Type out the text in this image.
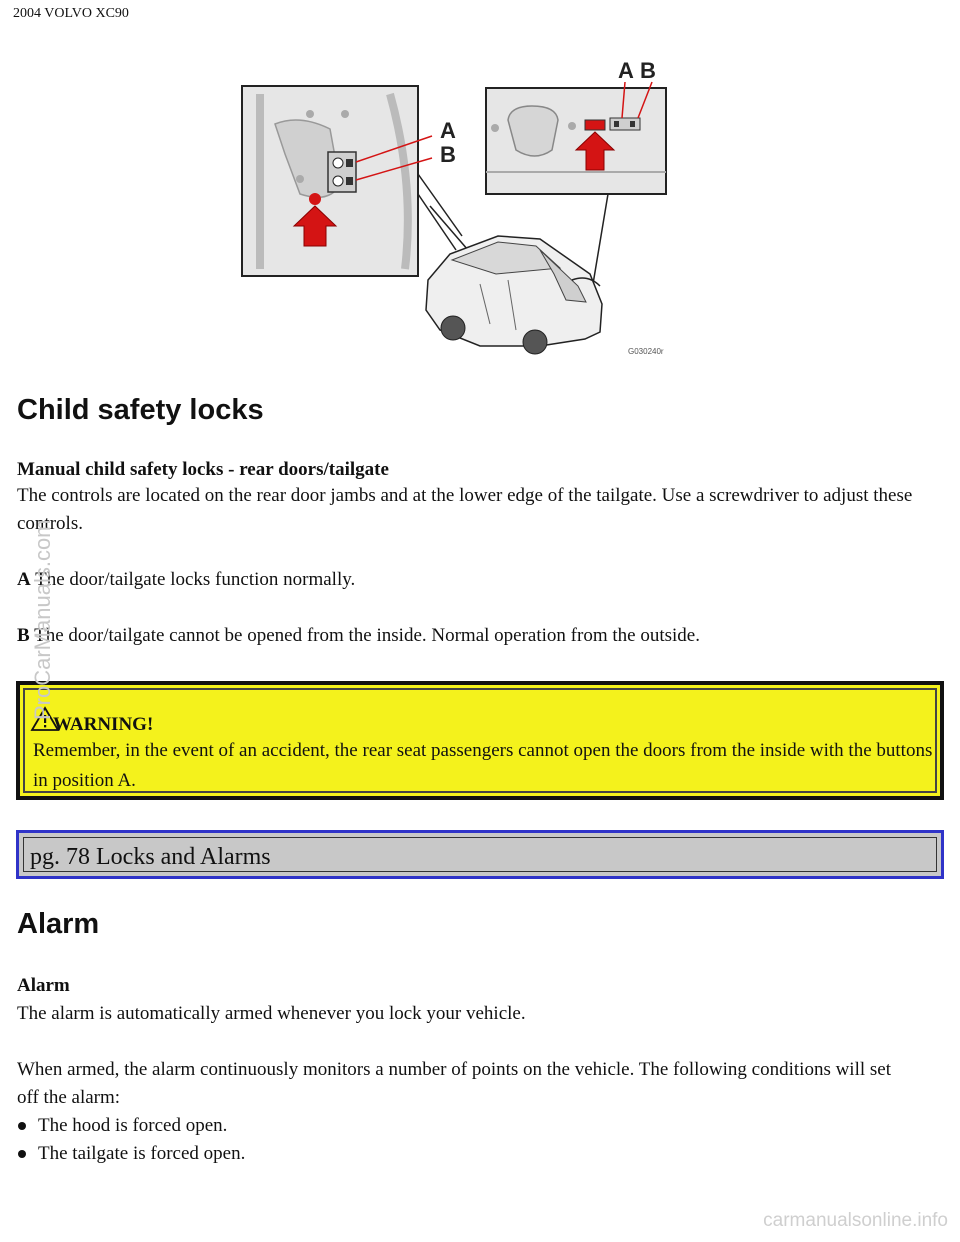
2004 VOLVO XC90
A
B
A B
G030240r
Child safety locks
Manual child safety locks - rear doors/tailgate
The controls are located on the rear door jambs and at the lower edge of the tailgate. Use a screwdriver to adjust these controls.
A The door/tailgate locks function normally.
B The door/tailgate cannot be opened from the inside. Normal operation from the outside.
WARNING!
Remember, in the event of an accident, the rear seat passengers cannot open the doors from the inside with the buttons in position A.
pg. 78 Locks and Alarms
Alarm
Alarm
The alarm is automatically armed whenever you lock your vehicle.
When armed, the alarm continuously monitors a number of points on the vehicle. The following conditions will set off the alarm:
The hood is forced open.
The tailgate is forced open.
ProCarManuals.com
carmanualsonline.info
